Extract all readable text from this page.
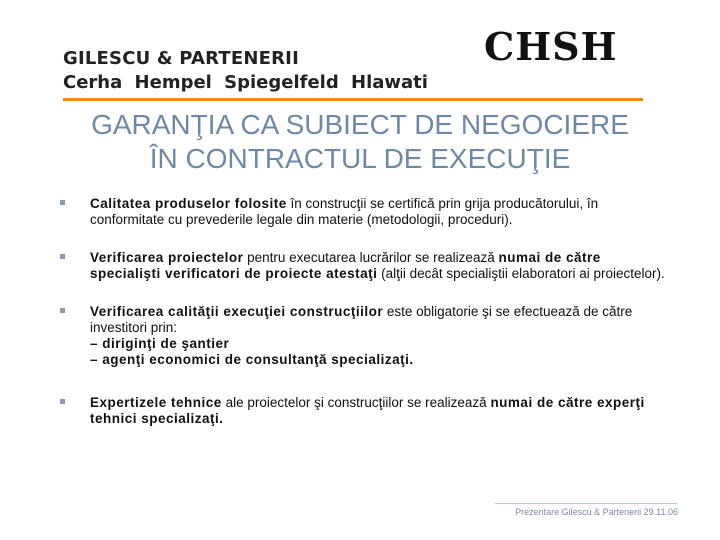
GILESCU & PARTENERII
Cerha Hempel Spiegelfeld Hlawati
CHSH
GARANŢIA CA SUBIECT DE NEGOCIERE
ÎN CONTRACTUL DE EXECUŢIE
Calitatea produselor folosite în construcţii se certifică prin grija producătorului, în conformitate cu prevederile legale din materie (metodologii, proceduri).
Verificarea proiectelor pentru executarea lucrărilor se realizează numai de către specialişti verificatori de proiecte atestaţi (alţii decât specialiştii elaboratori ai proiectelor).
Verificarea calităţii execuţiei construcţiilor este obligatorie şi se efectuează de către investitori prin:
– diriginţi de şantier
– agenţi economici de consultanţă specializaţi.
Expertizele tehnice ale proiectelor şi construcţiilor se realizează numai de către experţi tehnici specializaţi.
Prezentare Gilescu & Partenerii 29.11.06
